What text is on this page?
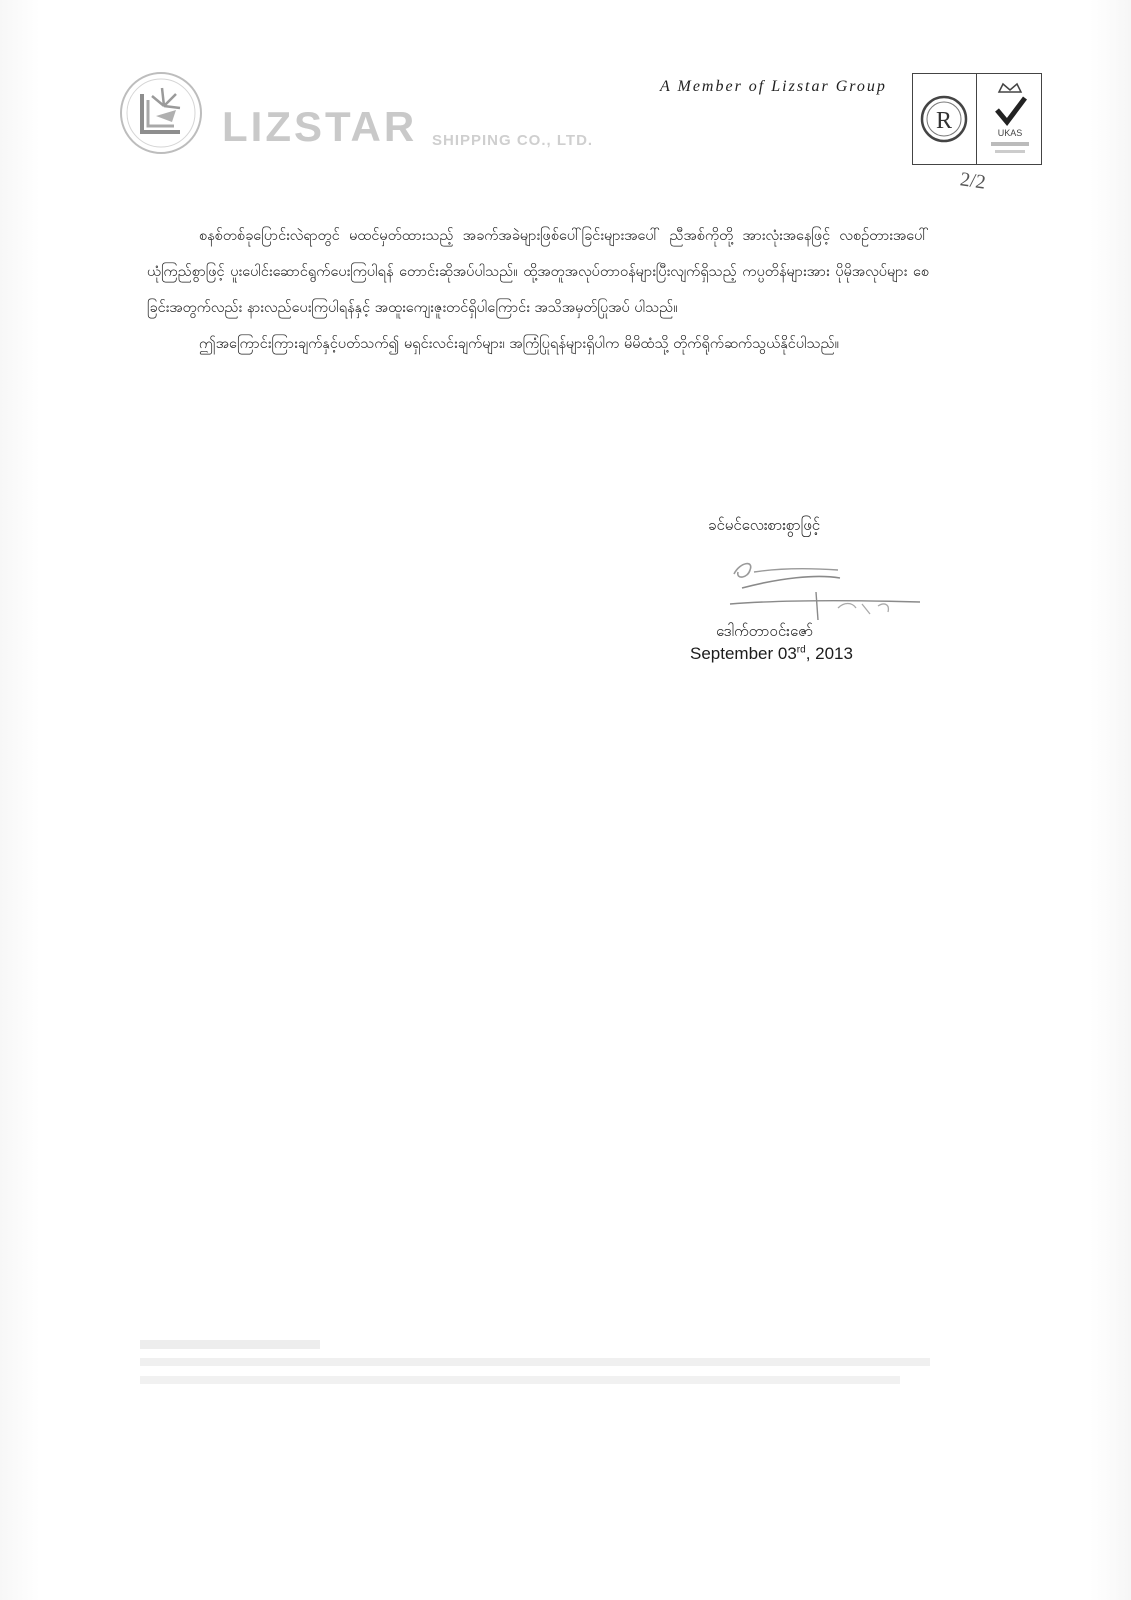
LIZSTAR SHIPPING CO., LTD.
A Member of Lizstar Group
R	UKAS
2/2

စနစ်တစ်ခုပြောင်းလဲရာတွင် မထင်မှတ်ထားသည့် အခက်အခဲများဖြစ်ပေါ်ခြင်းများအပေါ် ညီအစ်ကိုတို့ အားလုံးအနေဖြင့် လစဉ်တားအပေါ်ယုံကြည်စွာဖြင့် ပူးပေါင်းဆောင်ရွက်ပေးကြပါရန် တောင်းဆိုအပ်ပါသည်။ ထို့အတူအလုပ်တာဝန်များပြီးလျက်ရှိသည့် ကပ္ပတိန်များအား ပိုမိုအလုပ်များ စေခြင်းအတွက်လည်း နားလည်ပေးကြပါရန်နှင့် အထူးကျေးဇူးတင်ရှိပါကြောင်း အသိအမှတ်ပြုအပ် ပါသည်။

ဤအကြောင်းကြားချက်နှင့်ပတ်သက်၍ မရှင်းလင်းချက်များ၊ အကြံပြုရန်များရှိပါက မိမိထံသို့ တိုက်ရိုက်ဆက်သွယ်နိုင်ပါသည်။

ခင်မင်လေးစားစွာဖြင့်
ဒေါက်တာဝင်းဇော်
September 03rd, 2013
